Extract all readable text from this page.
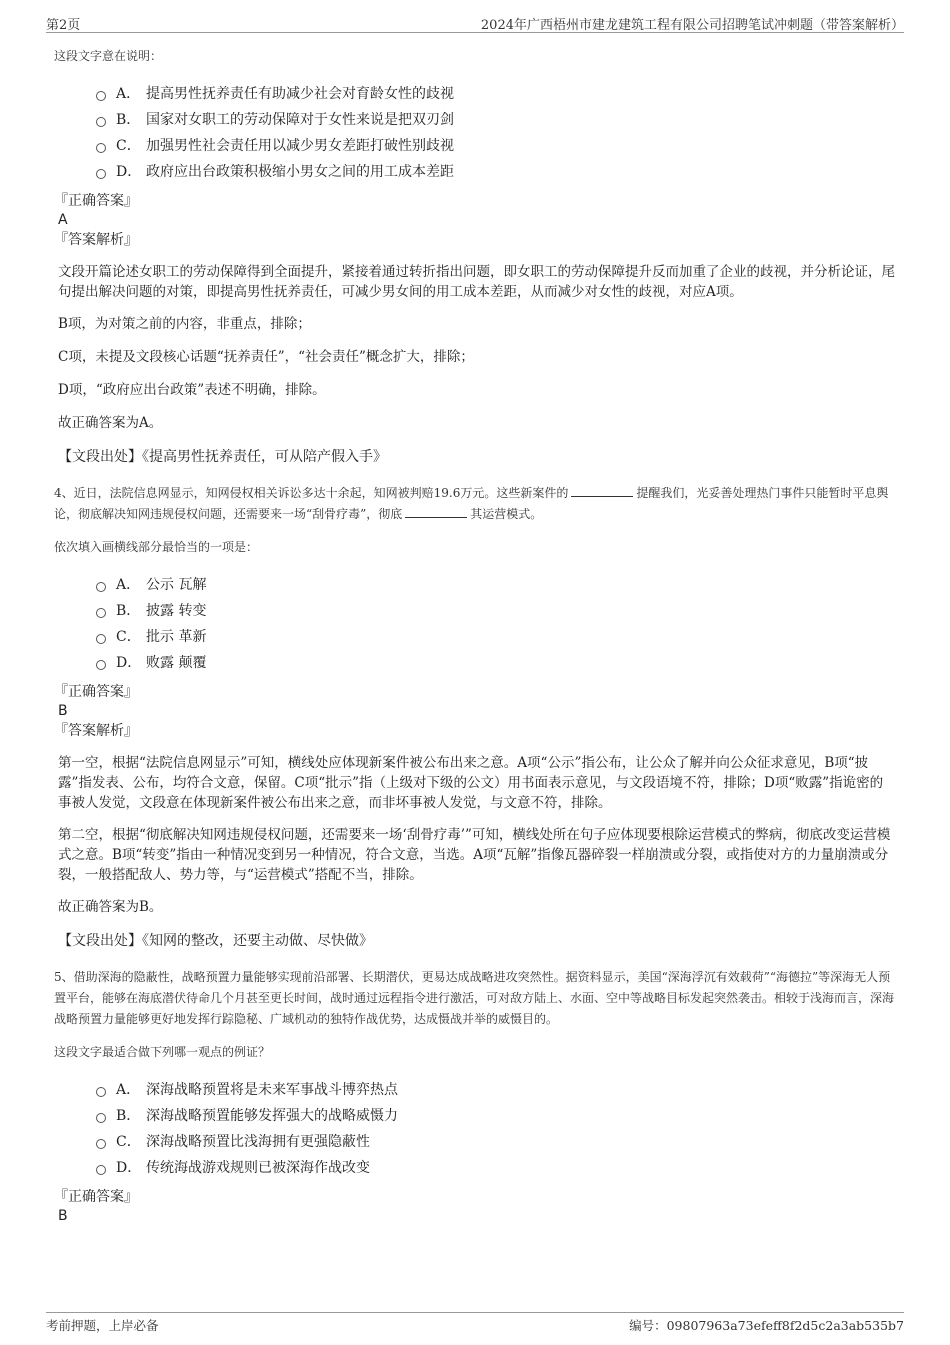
第2页	2024年广西梧州市建龙建筑工程有限公司招聘笔试冲刺题（带答案解析）

这段文字意在说明：

A． 提高男性抚养责任有助减少社会对育龄女性的歧视
B． 国家对女职工的劳动保障对于女性来说是把双刃剑
C． 加强男性社会责任用以减少男女差距打破性别歧视
D． 政府应出台政策积极缩小男女之间的用工成本差距

『正确答案』

A

『答案解析』

文段开篇论述女职工的劳动保障得到全面提升，紧接着通过转折指出问题，即女职工的劳动保障提升反而加重了企业的歧视，并分析论证，尾句提出解决问题的对策，即提高男性抚养责任，可减少男女间的用工成本差距，从而减少对女性的歧视，对应A项。

B项，为对策之前的内容，非重点，排除；

C项，未提及文段核心话题“抚养责任”，“社会责任”概念扩大，排除；

D项，“政府应出台政策”表述不明确，排除。

故正确答案为A。

【文段出处】《提高男性抚养责任，可从陪产假入手》

4、近日，法院信息网显示，知网侵权相关诉讼多达十余起，知网被判赔19.6万元。这些新案件的	提醒我们，光妥善处理热门事件只能暂时平息舆论，彻底解决知网违规侵权问题，还需要来一场“刮骨疗毒”，彻底	其运营模式。

依次填入画横线部分最恰当的一项是：

A． 公示 瓦解
B． 披露 转变
C． 批示 革新
D． 败露 颠覆

『正确答案』

B

『答案解析』

第一空，根据“法院信息网显示”可知，横线处应体现新案件被公布出来之意。A项“公示”指公布，让公众了解并向公众征求意见，B项“披露”指发表、公布，均符合文意，保留。C项“批示”指（上级对下级的公文）用书面表示意见，与文段语境不符，排除；D项“败露”指诡密的事被人发觉，文段意在体现新案件被公布出来之意，而非坏事被人发觉，与文意不符，排除。

第二空，根据“彻底解决知网违规侵权问题，还需要来一场‘刮骨疗毒’”可知，横线处所在句子应体现要根除运营模式的弊病，彻底改变运营模式之意。B项“转变”指由一种情况变到另一种情况，符合文意，当选。A项“瓦解”指像瓦器碎裂一样崩溃或分裂，或指使对方的力量崩溃或分裂，一般搭配敌人、势力等，与“运营模式”搭配不当，排除。

故正确答案为B。

【文段出处】《知网的整改，还要主动做、尽快做》

5、借助深海的隐蔽性，战略预置力量能够实现前沿部署、长期潜伏，更易达成战略进攻突然性。据资料显示，美国“深海浮沉有效载荷”“海德拉”等深海无人预置平台，能够在海底潜伏待命几个月甚至更长时间，战时通过远程指令进行激活，可对敌方陆上、水面、空中等战略目标发起突然袭击。相较于浅海而言，深海战略预置力量能够更好地发挥行踪隐秘、广域机动的独特作战优势，达成慑战并举的威慑目的。

这段文字最适合做下列哪一观点的例证？

A． 深海战略预置将是未来军事战斗博弈热点
B． 深海战略预置能够发挥强大的战略威慑力
C． 深海战略预置比浅海拥有更强隐蔽性
D． 传统海战游戏规则已被深海作战改变

『正确答案』

B

考前押题，上岸必备	编号：09807963a73efeff8f2d5c2a3ab535b7
